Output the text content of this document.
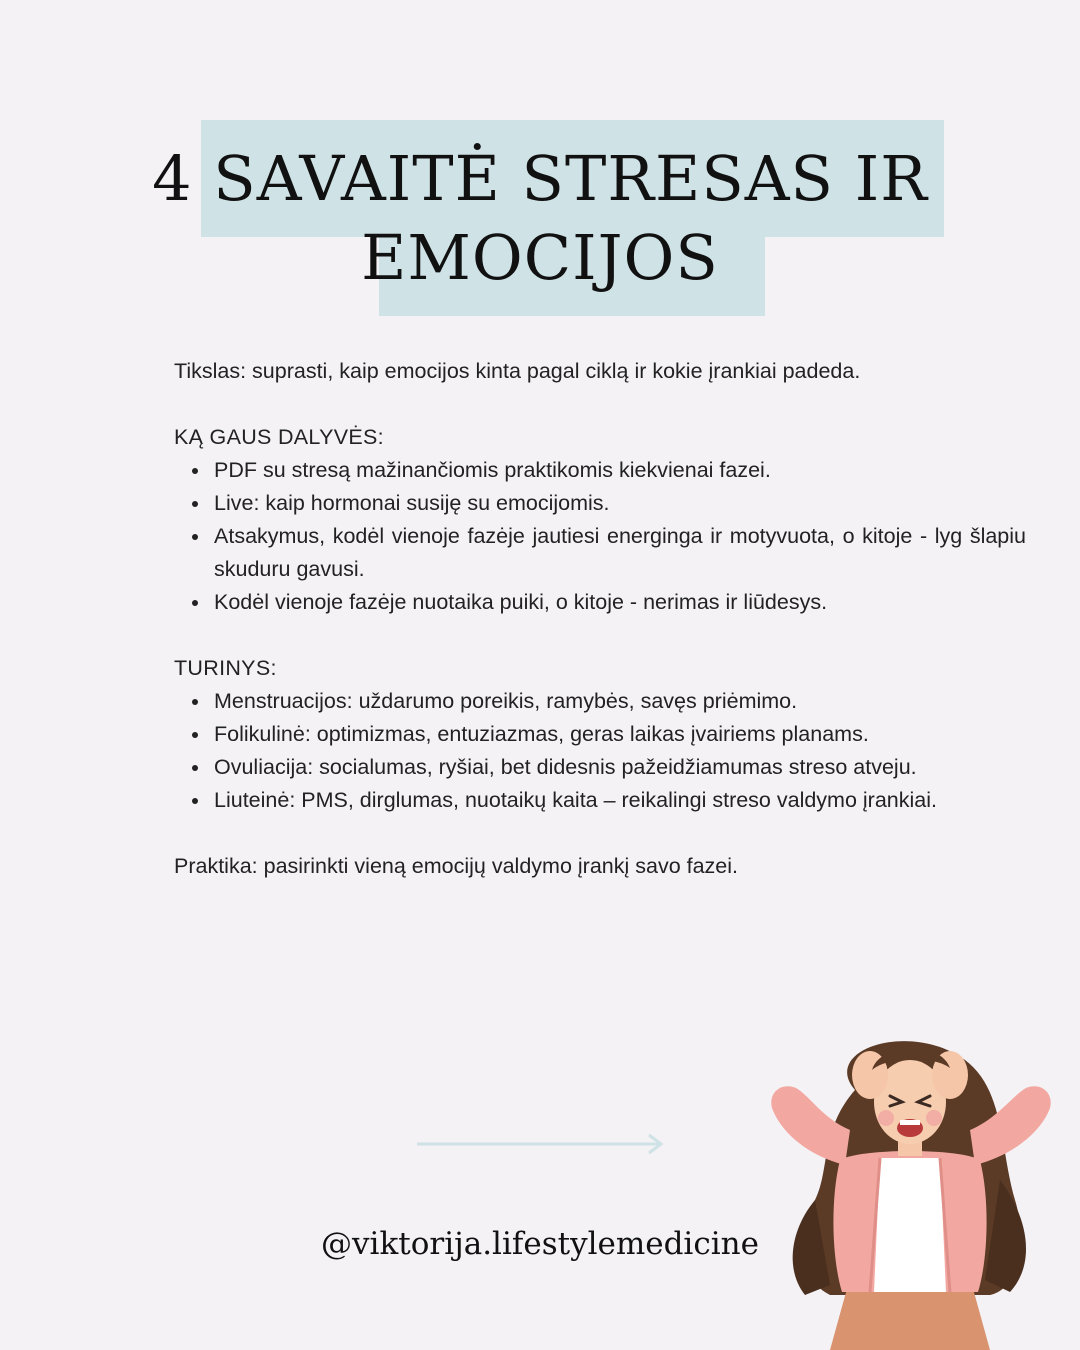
4 SAVAITĖ STRESAS IR
EMOCIJOS

Tikslas: suprasti, kaip emocijos kinta pagal ciklą ir kokie įrankiai padeda.

KĄ GAUS DALYVĖS:
PDF su stresą mažinančiomis praktikomis kiekvienai fazei.
Live: kaip hormonai susiję su emocijomis.
Atsakymus, kodėl vienoje fazėje jautiesi energinga ir motyvuota, o kitoje - lyg šlapiu skuduru gavusi.
Kodėl vienoje fazėje nuotaika puiki, o kitoje - nerimas ir liūdesys.
TURINYS:
Menstruacijos: uždarumo poreikis, ramybės, savęs priėmimo.
Folikulinė: optimizmas, entuziazmas, geras laikas įvairiems planams.
Ovuliacija: socialumas, ryšiai, bet didesnis pažeidžiamumas streso atveju.
Liuteinė: PMS, dirglumas, nuotaikų kaita – reikalingi streso valdymo įrankiai.

Praktika: pasirinkti vieną emocijų valdymo įrankį savo fazei.

@viktorija.lifestylemedicine
